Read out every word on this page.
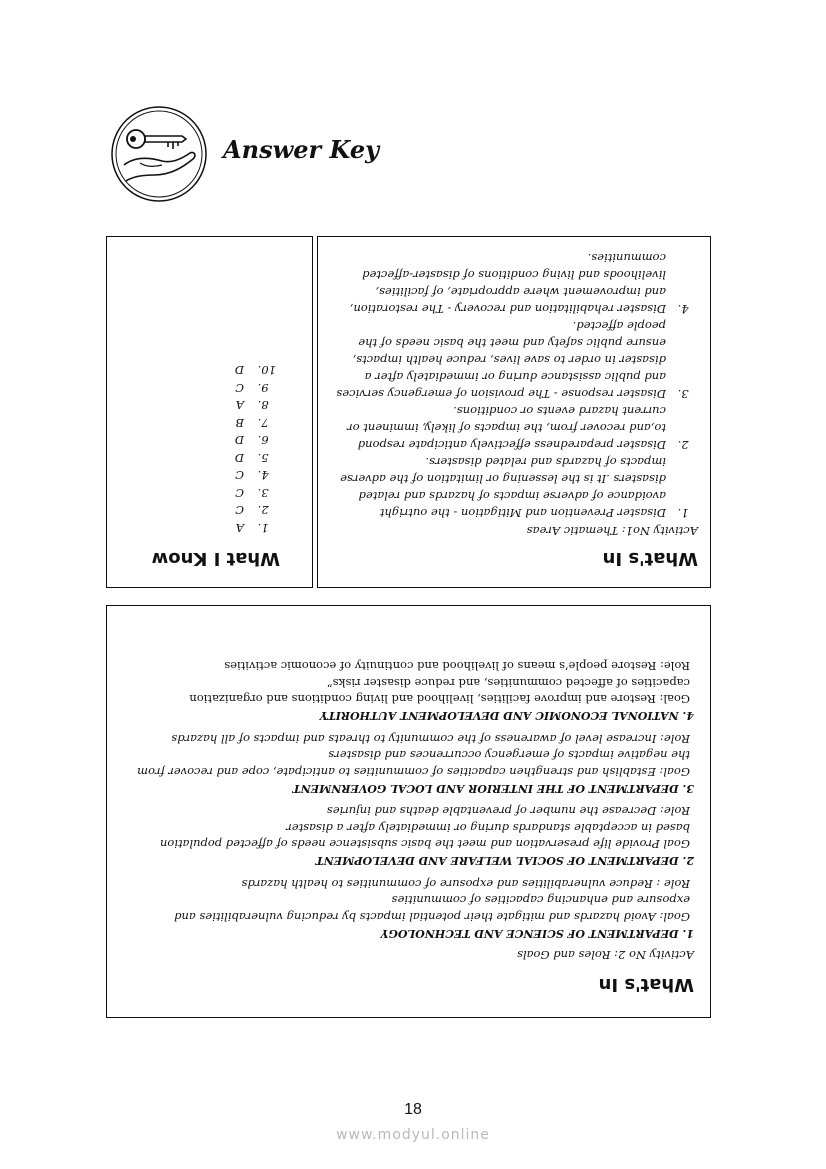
Answer Key
What's In
Activity No1: Thematic Areas
1. Disaster Prevention and Mitigation - the outright
avoidance of adverse impacts of hazards and related
disasters .It is the lessening or limitation of the adverse
impacts of hazards and related disasters.
2. Disaster preparedness effectively anticipate respond
to,and recover from, the impacts of likely, imminent or
current hazard events or conditions.
3. Disaster response - The provision of emergency services
and public assistance during or immediately after a
disaster in order to save lives, reduce health impacts,
ensure public safety and meet the basic needs of the
people affected.
4. Disaster rehabilitation and recovery - The restoration,
and improvement where appropriate, of facilities,
livelihoods and living conditions of disaster-affected
communities.
What I Know
1. A
2. C
3. C
4. C
5. D
6. D
7. B
8. A
9. C
10. D
What's In
Activity No 2: Roles and Goals
1. DEPARTMENT OF SCIENCE AND TECHNOLOGY
Goal: Avoid hazards and mitigate their potential impacts by reducing vulnerabilities and
exposure and enhancing capacities of communities
Role : Reduce vulnerabilities and exposure of communities to health hazards
2. DEPARTMENT OF SOCIAL WELFARE AND DEVELOPMENT
Goal Provide life preservation and meet the basic subsistence needs of affected population
based in acceptable standards during or immediately after a disaster
Role: Decrease the number of preventable deaths and injuries
3. DEPARTMENT OF THE INTERIOR AND LOCAL GOVERNMENT
Goal: Establish and strengthen capacities of communities to anticipate, cope and recover from
the negative impacts of emergency occurrences and disasters
Role: Increase level of awareness of the community to threats and impacts of all hazards
4. NATIONAL ECONOMIC AND DEVELOPMENT AUTHORITY
Goal: Restore and improve facilities, livelihood and living conditions and organization
capacities of affected communities, and reduce disaster risks”
Role: Restore people’s means of livelihood and continuity of economic activities
18
www.modyul.online
